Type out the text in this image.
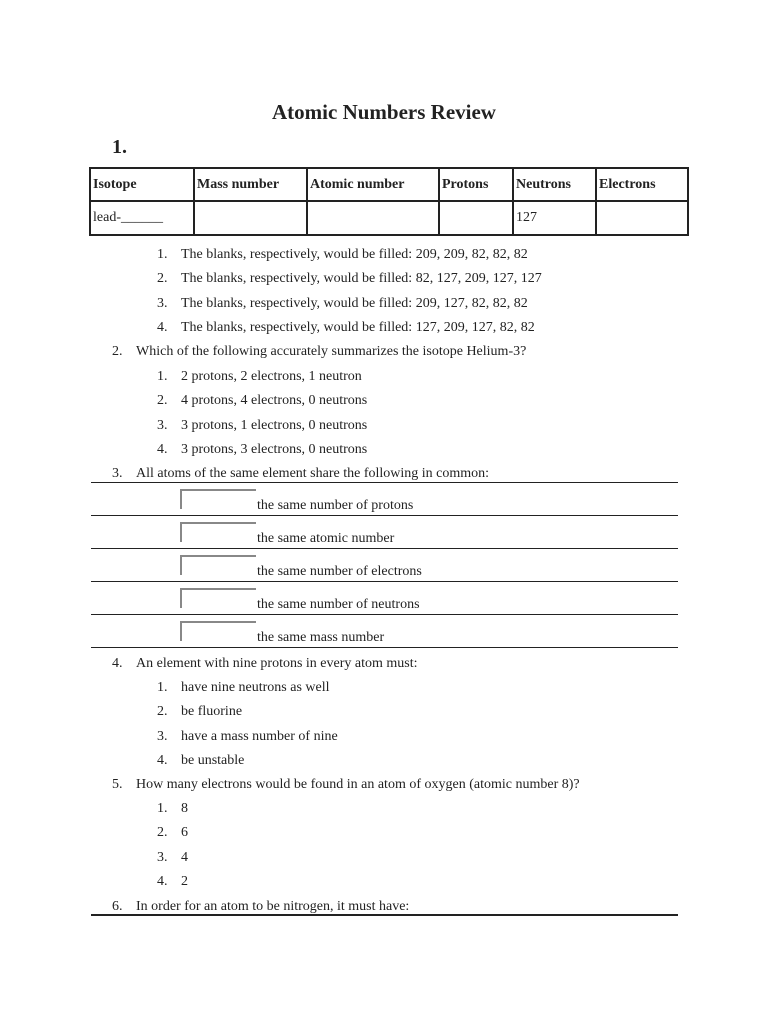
Atomic Numbers Review
1.
Isotope	Mass number	Atomic number	Protons	Neutrons	Electrons
lead-______				127	
1. The blanks, respectively, would be filled: 209, 209, 82, 82, 82
2. The blanks, respectively, would be filled: 82, 127, 209, 127, 127
3. The blanks, respectively, would be filled: 209, 127, 82, 82, 82
4. The blanks, respectively, would be filled: 127, 209, 127, 82, 82
2. Which of the following accurately summarizes the isotope Helium-3?
1. 2 protons, 2 electrons, 1 neutron
2. 4 protons, 4 electrons, 0 neutrons
3. 3 protons, 1 electrons, 0 neutrons
4. 3 protons, 3 electrons, 0 neutrons
3. All atoms of the same element share the following in common:
the same number of protons
the same atomic number
the same number of electrons
the same number of neutrons
the same mass number
4. An element with nine protons in every atom must:
1. have nine neutrons as well
2. be fluorine
3. have a mass number of nine
4. be unstable
5. How many electrons would be found in an atom of oxygen (atomic number 8)?
1. 8
2. 6
3. 4
4. 2
6. In order for an atom to be nitrogen, it must have:
